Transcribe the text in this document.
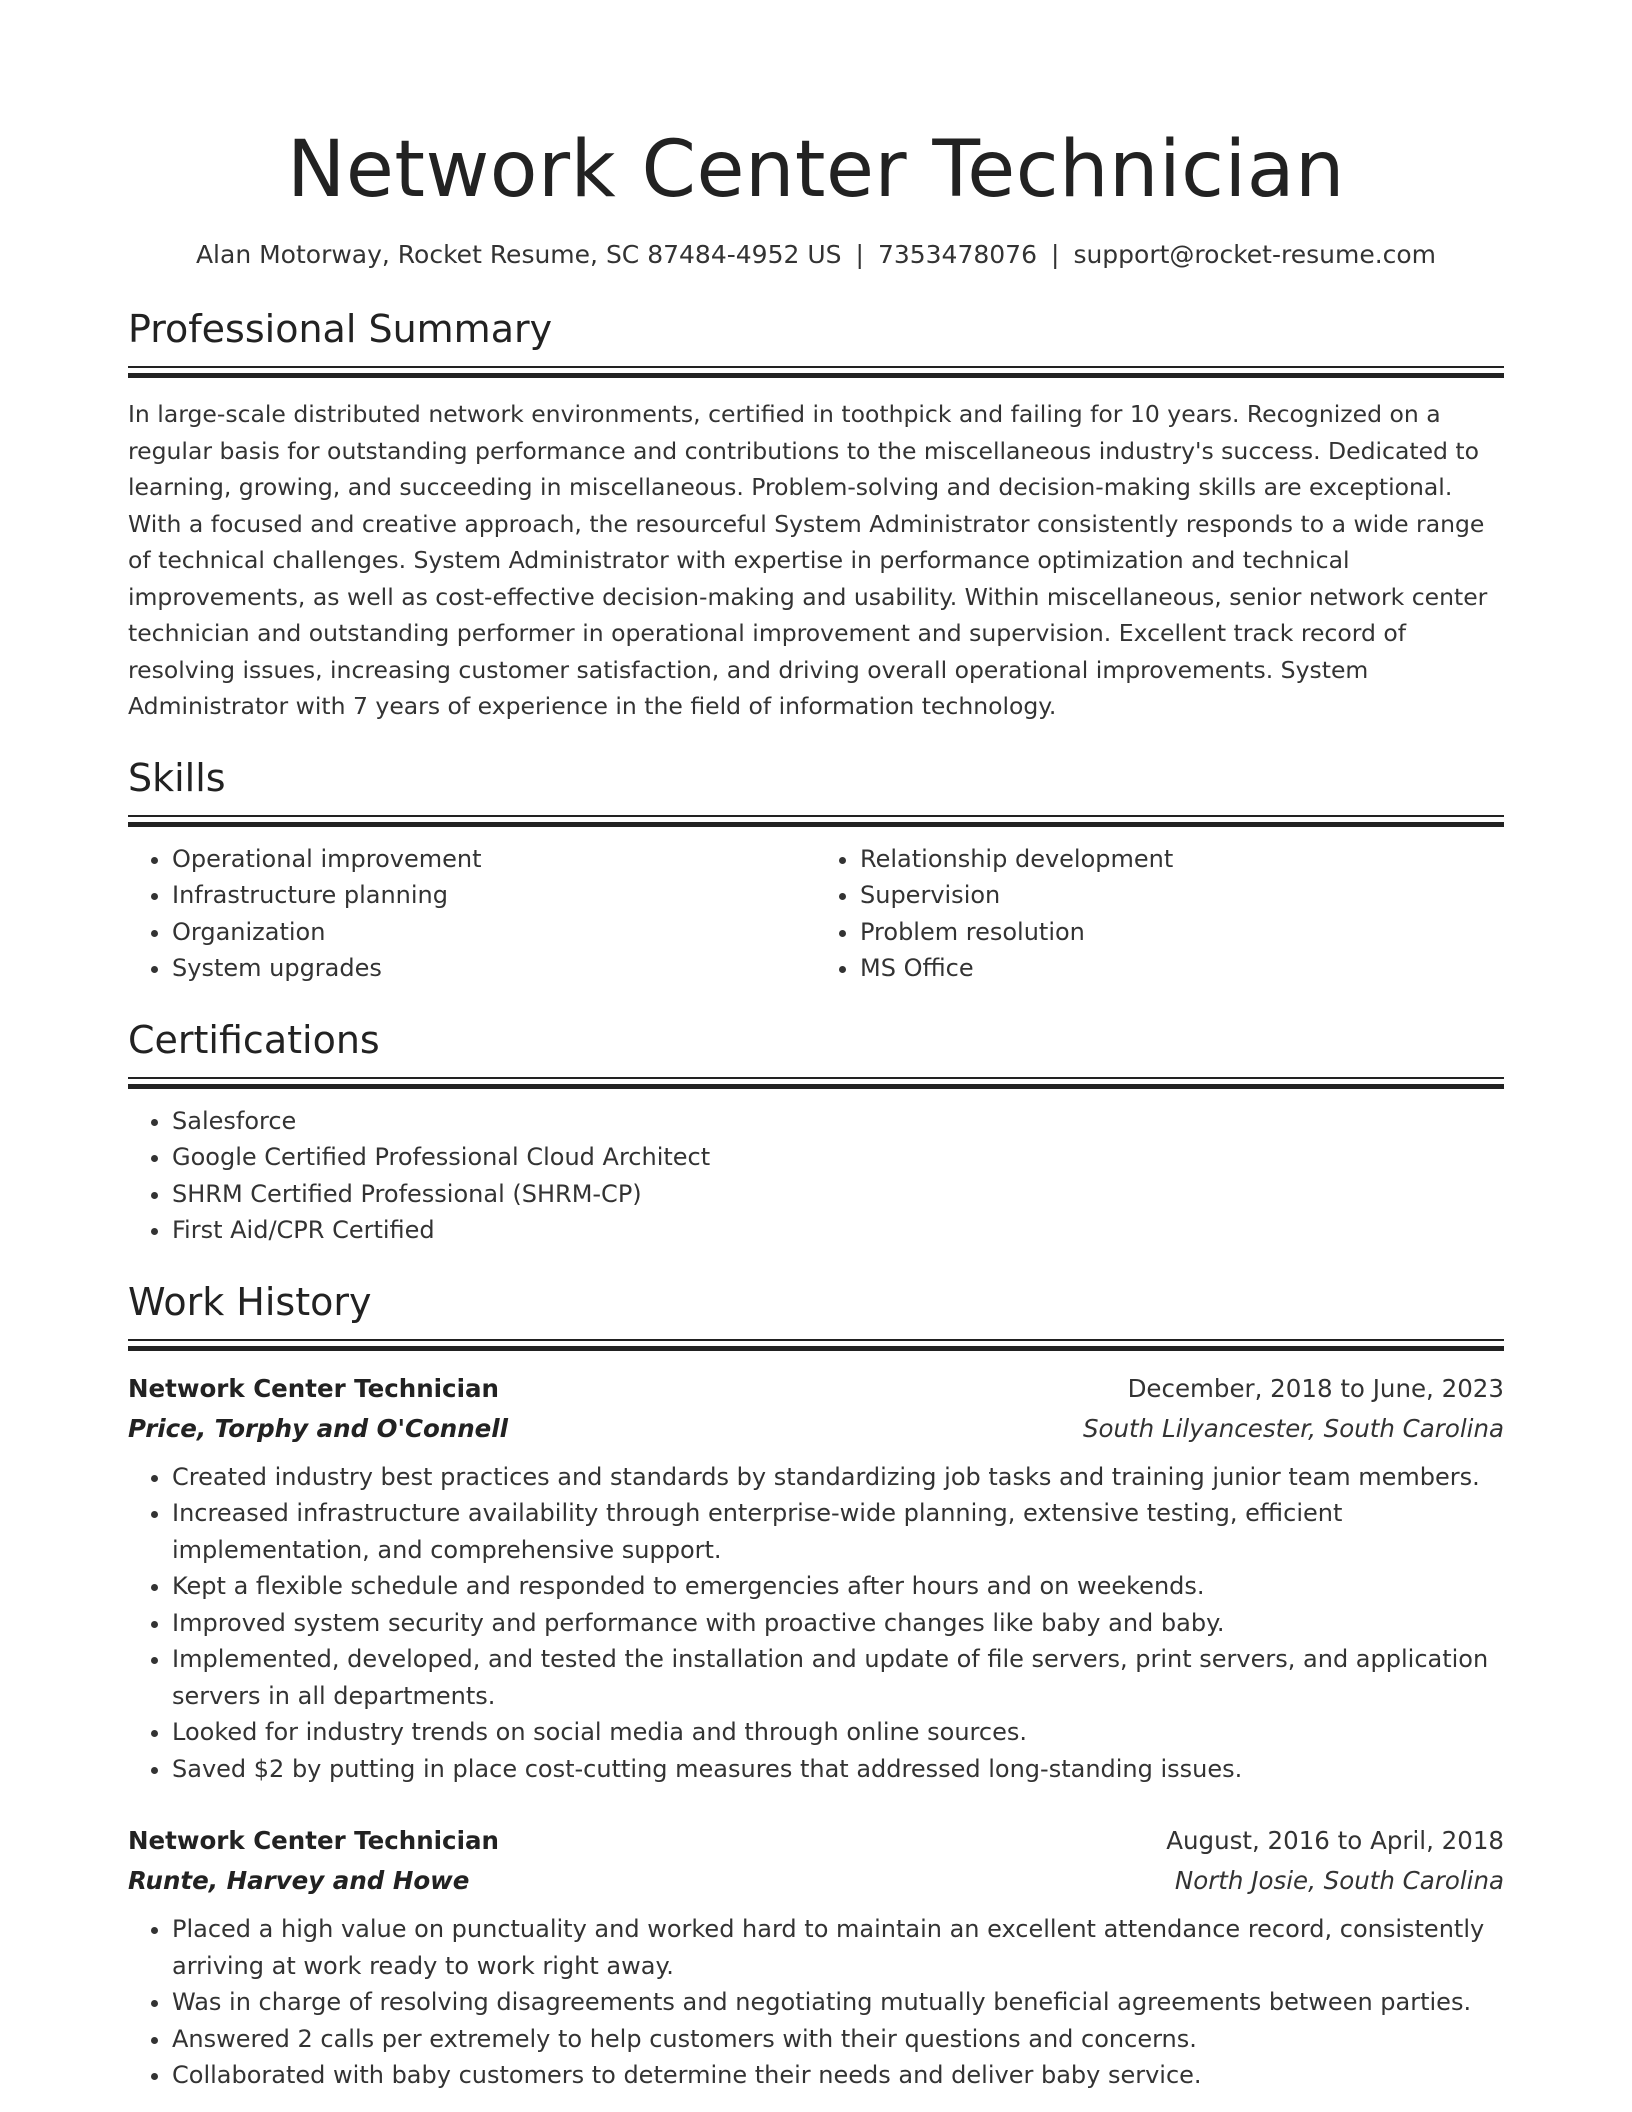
Network Center Technician
Alan Motorway, Rocket Resume, SC 87484-4952 US | 7353478076 | support@rocket-resume.com
Professional Summary

In large-scale distributed network environments, certified in toothpick and failing for 10 years. Recognized on a regular basis for outstanding performance and contributions to the miscellaneous industry's success. Dedicated to learning, growing, and succeeding in miscellaneous. Problem-solving and decision-making skills are exceptional. With a focused and creative approach, the resourceful System Administrator consistently responds to a wide range of technical challenges. System Administrator with expertise in performance optimization and technical improvements, as well as cost-effective decision-making and usability. Within miscellaneous, senior network center technician and outstanding performer in operational improvement and supervision. Excellent track record of resolving issues, increasing customer satisfaction, and driving overall operational improvements. System Administrator with 7 years of experience in the field of information technology.

Skills
• Operational improvement
• Infrastructure planning
• Organization
• System upgrades
• Relationship development
• Supervision
• Problem resolution
• MS Office
Certifications
• Salesforce
• Google Certified Professional Cloud Architect
• SHRM Certified Professional (SHRM-CP)
• First Aid/CPR Certified
Work History
Network Center Technician	December, 2018 to June, 2023
Price, Torphy and O'Connell	South Lilyancester, South Carolina
• Created industry best practices and standards by standardizing job tasks and training junior team members.
• Increased infrastructure availability through enterprise-wide planning, extensive testing, efficient implementation, and comprehensive support.
• Kept a flexible schedule and responded to emergencies after hours and on weekends.
• Improved system security and performance with proactive changes like baby and baby.
• Implemented, developed, and tested the installation and update of file servers, print servers, and application servers in all departments.
• Looked for industry trends on social media and through online sources.
• Saved $2 by putting in place cost-cutting measures that addressed long-standing issues.
Network Center Technician	August, 2016 to April, 2018
Runte, Harvey and Howe	North Josie, South Carolina
• Placed a high value on punctuality and worked hard to maintain an excellent attendance record, consistently arriving at work ready to work right away.
• Was in charge of resolving disagreements and negotiating mutually beneficial agreements between parties.
• Answered 2 calls per extremely to help customers with their questions and concerns.
• Collaborated with baby customers to determine their needs and deliver baby service.
